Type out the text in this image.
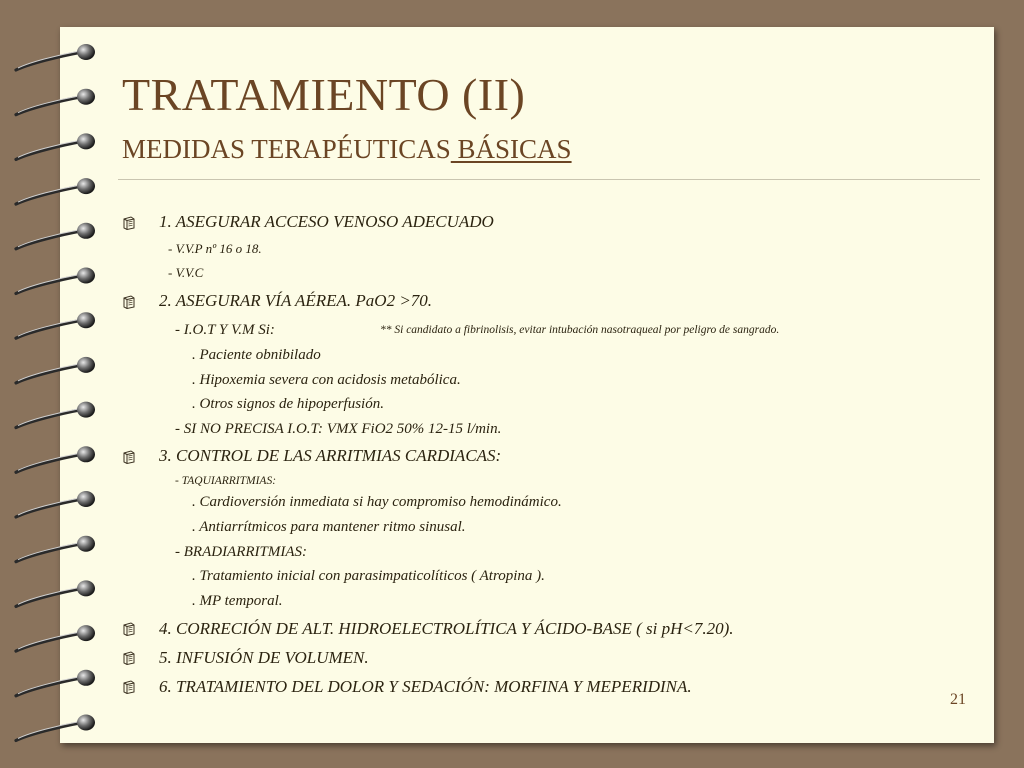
TRATAMIENTO (II)
MEDIDAS TERAPÉUTICAS BÁSICAS
1. ASEGURAR ACCESO VENOSO ADECUADO
- V.V.P nº 16 o 18.
- V.V.C
2. ASEGURAR VÍA AÉREA. PaO2 >70.
- I.O.T Y V.M Si:	** Si candidato a fibrinolisis, evitar intubación nasotraqueal por peligro de sangrado.
. Paciente obnibilado
. Hipoxemia severa con acidosis metabólica.
. Otros signos de hipoperfusión.
- SI NO PRECISA I.O.T: VMX FiO2 50% 12-15 l/min.
3. CONTROL DE LAS ARRITMIAS CARDIACAS:
- TAQUIARRITMIAS:
. Cardioversión inmediata si hay compromiso hemodinámico.
. Antiarrítmicos para mantener ritmo sinusal.
- BRADIARRITMIAS:
. Tratamiento inicial con parasimpaticolíticos ( Atropina ).
. MP temporal.
4. CORRECIÓN DE ALT. HIDROELECTROLÍTICA Y ÁCIDO-BASE ( si pH<7.20).
5. INFUSIÓN DE VOLUMEN.
6. TRATAMIENTO DEL DOLOR Y SEDACIÓN: MORFINA Y MEPERIDINA.
21
